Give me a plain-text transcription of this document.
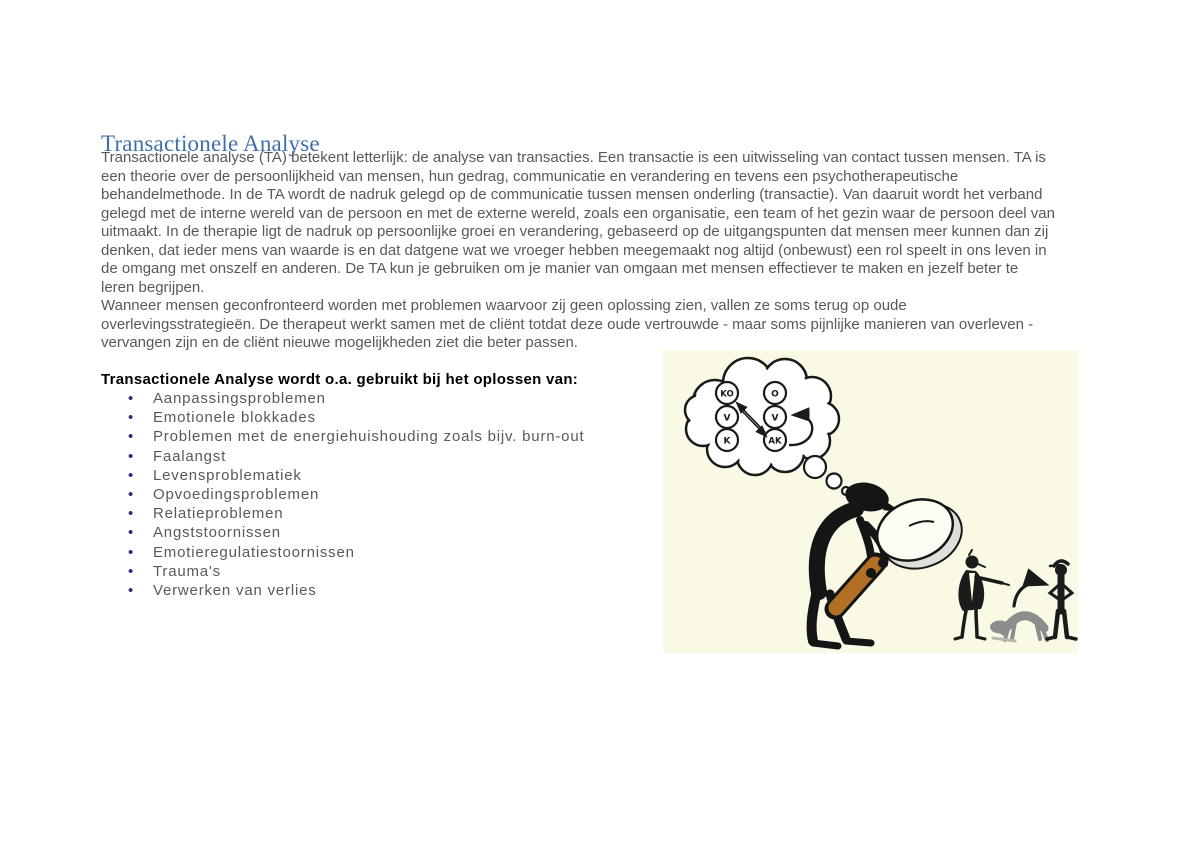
Transactionele Analyse
Transactionele analyse (TA) betekent letterlijk: de analyse van transacties. Een transactie is een uitwisseling van contact tussen mensen. TA is
een theorie over de persoonlijkheid van mensen, hun gedrag, communicatie en verandering en tevens een psychotherapeutische
behandelmethode. In de TA wordt de nadruk gelegd op de communicatie tussen mensen onderling (transactie). Van daaruit wordt het verband
gelegd met de interne wereld van de persoon en met de externe wereld, zoals een organisatie, een team of het gezin waar de persoon deel van
uitmaakt. In de therapie ligt de nadruk op persoonlijke groei en verandering, gebaseerd op de uitgangspunten dat mensen meer kunnen dan zij
denken, dat ieder mens van waarde is en dat datgene wat we vroeger hebben meegemaakt nog altijd (onbewust) een rol speelt in ons leven in
de omgang met onszelf en anderen. De TA kun je gebruiken om je manier van omgaan met mensen effectiever te maken en jezelf beter te
leren begrijpen.
Wanneer mensen geconfronteerd worden met problemen waarvoor zij geen oplossing zien, vallen ze soms terug op oude
overlevingsstrategieën. De therapeut werkt samen met de cliënt totdat deze oude vertrouwde - maar soms pijnlijke manieren van overleven -
vervangen zijn en de cliënt nieuwe mogelijkheden ziet die beter passen.
Transactionele Analyse wordt o.a. gebruikt bij het oplossen van:
• Aanpassingsproblemen
• Emotionele blokkades
• Problemen met de energiehuishouding zoals bijv. burn-out
• Faalangst
• Levensproblematiek
• Opvoedingsproblemen
• Relatieproblemen
• Angststoornissen
• Emotieregulatiestoornissen
• Trauma's
• Verwerken van verlies
KO
V
K
O
V
AK
